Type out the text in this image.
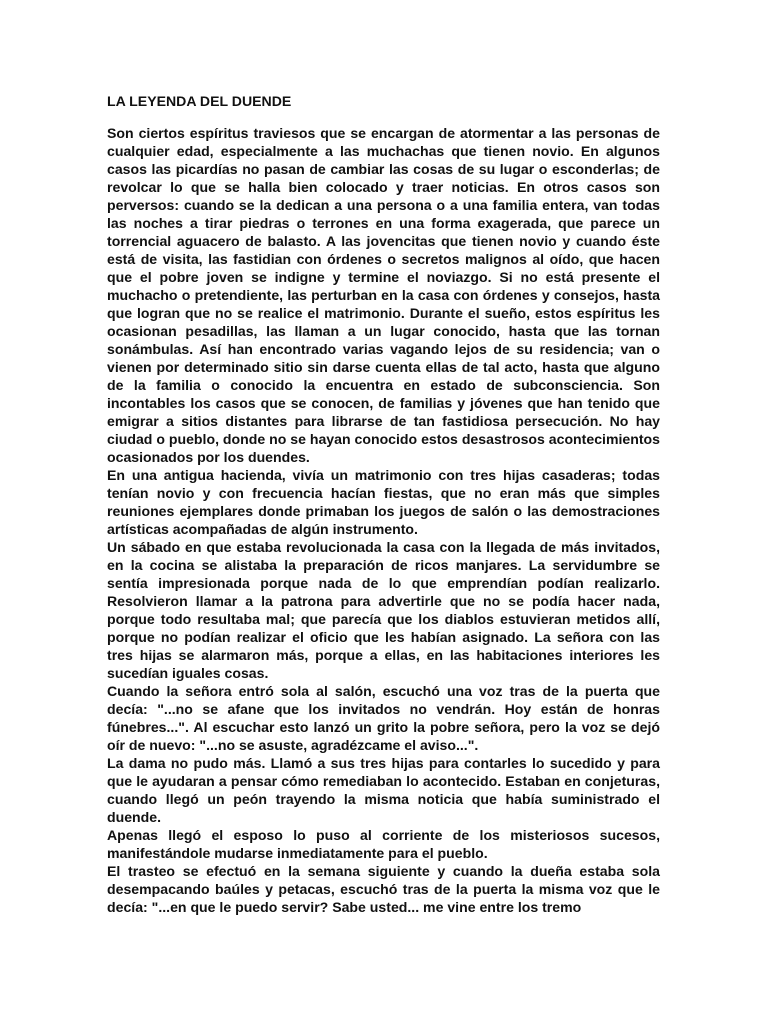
LA LEYENDA DEL DUENDE

Son ciertos espíritus traviesos que se encargan de atormentar a las personas de cualquier edad, especialmente a las muchachas que tienen novio. En algunos casos las picardías no pasan de cambiar las cosas de su lugar o esconderlas; de revolcar lo que se halla bien colocado y traer noticias. En otros casos son perversos: cuando se la dedican a una persona o a una familia entera, van todas las noches a tirar piedras o terrones en una forma exagerada, que parece un torrencial aguacero de balasto. A las jovencitas que tienen novio y cuando éste está de visita, las fastidian con órdenes o secretos malignos al oído, que hacen que el pobre joven se indigne y termine el noviazgo. Si no está presente el muchacho o pretendiente, las perturban en la casa con órdenes y consejos, hasta que logran que no se realice el matrimonio. Durante el sueño, estos espíritus les ocasionan pesadillas, las llaman a un lugar conocido, hasta que las tornan sonámbulas. Así han encontrado varias vagando lejos de su residencia; van o vienen por determinado sitio sin darse cuenta ellas de tal acto, hasta que alguno de la familia o conocido la encuentra en estado de subconsciencia. Son incontables los casos que se conocen, de familias y jóvenes que han tenido que emigrar a sitios distantes para librarse de tan fastidiosa persecución. No hay ciudad o pueblo, donde no se hayan conocido estos desastrosos acontecimientos ocasionados por los duendes.

En una antigua hacienda, vivía un matrimonio con tres hijas casaderas; todas tenían novio y con frecuencia hacían fiestas, que no eran más que simples reuniones ejemplares donde primaban los juegos de salón o las demostraciones artísticas acompañadas de algún instrumento.

Un sábado en que estaba revolucionada la casa con la llegada de más invitados, en la cocina se alistaba la preparación de ricos manjares. La servidumbre se sentía impresionada porque nada de lo que emprendían podían realizarlo. Resolvieron llamar a la patrona para advertirle que no se podía hacer nada, porque todo resultaba mal; que parecía que los diablos estuvieran metidos allí, porque no podían realizar el oficio que les habían asignado. La señora con las tres hijas se alarmaron más, porque a ellas, en las habitaciones interiores les sucedían iguales cosas.

Cuando la señora entró sola al salón, escuchó una voz tras de la puerta que decía: "...no se afane que los invitados no vendrán. Hoy están de honras fúnebres...". Al escuchar esto lanzó un grito la pobre señora, pero la voz se dejó oír de nuevo: "...no se asuste, agradézcame el aviso...".

La dama no pudo más. Llamó a sus tres hijas para contarles lo sucedido y para que le ayudaran a pensar cómo remediaban lo acontecido. Estaban en conjeturas, cuando llegó un peón trayendo la misma noticia que había suministrado el duende.

Apenas llegó el esposo lo puso al corriente de los misteriosos sucesos, manifestándole mudarse inmediatamente para el pueblo.

El trasteo se efectuó en la semana siguiente y cuando la dueña estaba sola desempacando baúles y petacas, escuchó tras de la puerta la misma voz que le decía: "...en que le puedo servir? Sabe usted... me vine entre los tremo
